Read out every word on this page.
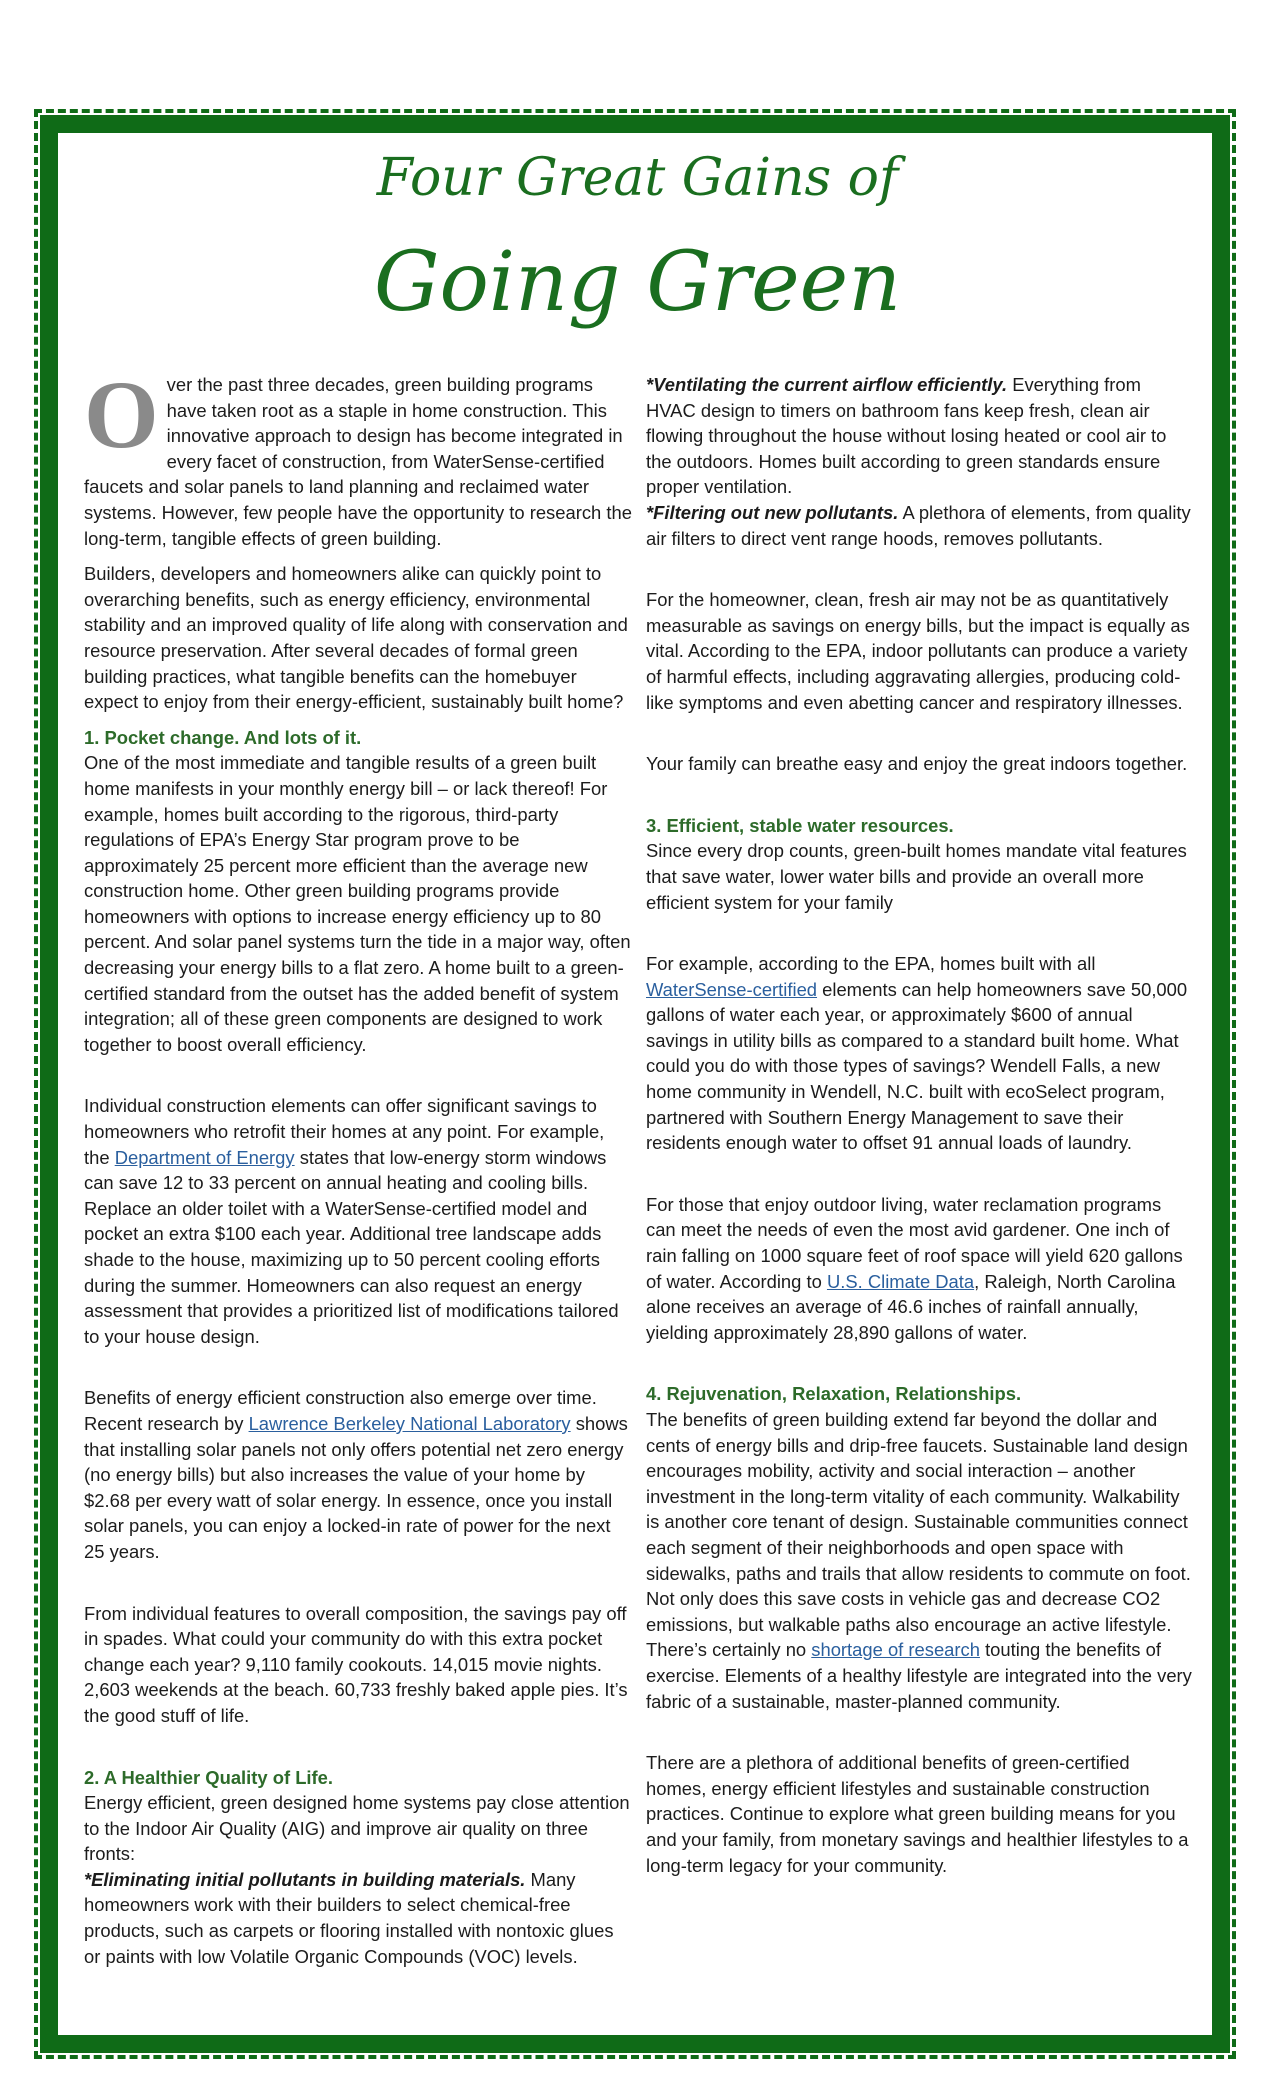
Four Great Gains of
Going Green

Over the past three decades, green building programs have taken root as a staple in home construction. This innovative approach to design has become integrated in every facet of construction, from WaterSense-certified faucets and solar panels to land planning and reclaimed water systems. However, few people have the opportunity to research the long-term, tangible effects of green building.

Builders, developers and homeowners alike can quickly point to overarching benefits, such as energy efficiency, environmental stability and an improved quality of life along with conservation and resource preservation. After several decades of formal green building practices, what tangible benefits can the homebuyer expect to enjoy from their energy-efficient, sustainably built home?

1. Pocket change. And lots of it.

One of the most immediate and tangible results of a green built home manifests in your monthly energy bill – or lack thereof! For example, homes built according to the rigorous, third-party regulations of EPA’s Energy Star program prove to be approximately 25 percent more efficient than the average new construction home. Other green building programs provide homeowners with options to increase energy efficiency up to 80 percent. And solar panel systems turn the tide in a major way, often decreasing your energy bills to a flat zero. A home built to a green-certified standard from the outset has the added benefit of system integration; all of these green components are designed to work together to boost overall efficiency.

Individual construction elements can offer significant savings to homeowners who retrofit their homes at any point. For example, the Department of Energy states that low-energy storm windows can save 12 to 33 percent on annual heating and cooling bills. Replace an older toilet with a WaterSense-certified model and pocket an extra $100 each year. Additional tree landscape adds shade to the house, maximizing up to 50 percent cooling efforts during the summer. Homeowners can also request an energy assessment that provides a prioritized list of modifications tailored to your house design.

Benefits of energy efficient construction also emerge over time. Recent research by Lawrence Berkeley National Laboratory shows that installing solar panels not only offers potential net zero energy (no energy bills) but also increases the value of your home by $2.68 per every watt of solar energy. In essence, once you install solar panels, you can enjoy a locked-in rate of power for the next 25 years.

From individual features to overall composition, the savings pay off in spades. What could your community do with this extra pocket change each year? 9,110 family cookouts. 14,015 movie nights. 2,603 weekends at the beach. 60,733 freshly baked apple pies. It’s the good stuff of life.

2. A Healthier Quality of Life.

Energy efficient, green designed home systems pay close attention to the Indoor Air Quality (AIG) and improve air quality on three fronts:

*Eliminating initial pollutants in building materials. Many homeowners work with their builders to select chemical-free products, such as carpets or flooring installed with nontoxic glues or paints with low Volatile Organic Compounds (VOC) levels.

*Ventilating the current airflow efficiently. Everything from HVAC design to timers on bathroom fans keep fresh, clean air flowing throughout the house without losing heated or cool air to the outdoors. Homes built according to green standards ensure proper ventilation.

*Filtering out new pollutants. A plethora of elements, from quality air filters to direct vent range hoods, removes pollutants.

For the homeowner, clean, fresh air may not be as quantitatively measurable as savings on energy bills, but the impact is equally as vital. According to the EPA, indoor pollutants can produce a variety of harmful effects, including aggravating allergies, producing cold-like symptoms and even abetting cancer and respiratory illnesses.

Your family can breathe easy and enjoy the great indoors together.

3. Efficient, stable water resources.

Since every drop counts, green-built homes mandate vital features that save water, lower water bills and provide an overall more efficient system for your family

For example, according to the EPA, homes built with all WaterSense-certified elements can help homeowners save 50,000 gallons of water each year, or approximately $600 of annual savings in utility bills as compared to a standard built home. What could you do with those types of savings? Wendell Falls, a new home community in Wendell, N.C. built with ecoSelect program, partnered with Southern Energy Management to save their residents enough water to offset 91 annual loads of laundry.

For those that enjoy outdoor living, water reclamation programs can meet the needs of even the most avid gardener. One inch of rain falling on 1000 square feet of roof space will yield 620 gallons of water. According to U.S. Climate Data, Raleigh, North Carolina alone receives an average of 46.6 inches of rainfall annually, yielding approximately 28,890 gallons of water.

4. Rejuvenation, Relaxation, Relationships.

The benefits of green building extend far beyond the dollar and cents of energy bills and drip-free faucets. Sustainable land design encourages mobility, activity and social interaction – another investment in the long-term vitality of each community. Walkability is another core tenant of design. Sustainable communities connect each segment of their neighborhoods and open space with sidewalks, paths and trails that allow residents to commute on foot. Not only does this save costs in vehicle gas and decrease CO2 emissions, but walkable paths also encourage an active lifestyle. There’s certainly no shortage of research touting the benefits of exercise. Elements of a healthy lifestyle are integrated into the very fabric of a sustainable, master-planned community.

There are a plethora of additional benefits of green-certified homes, energy efficient lifestyles and sustainable construction practices. Continue to explore what green building means for you and your family, from monetary savings and healthier lifestyles to a long-term legacy for your community.
